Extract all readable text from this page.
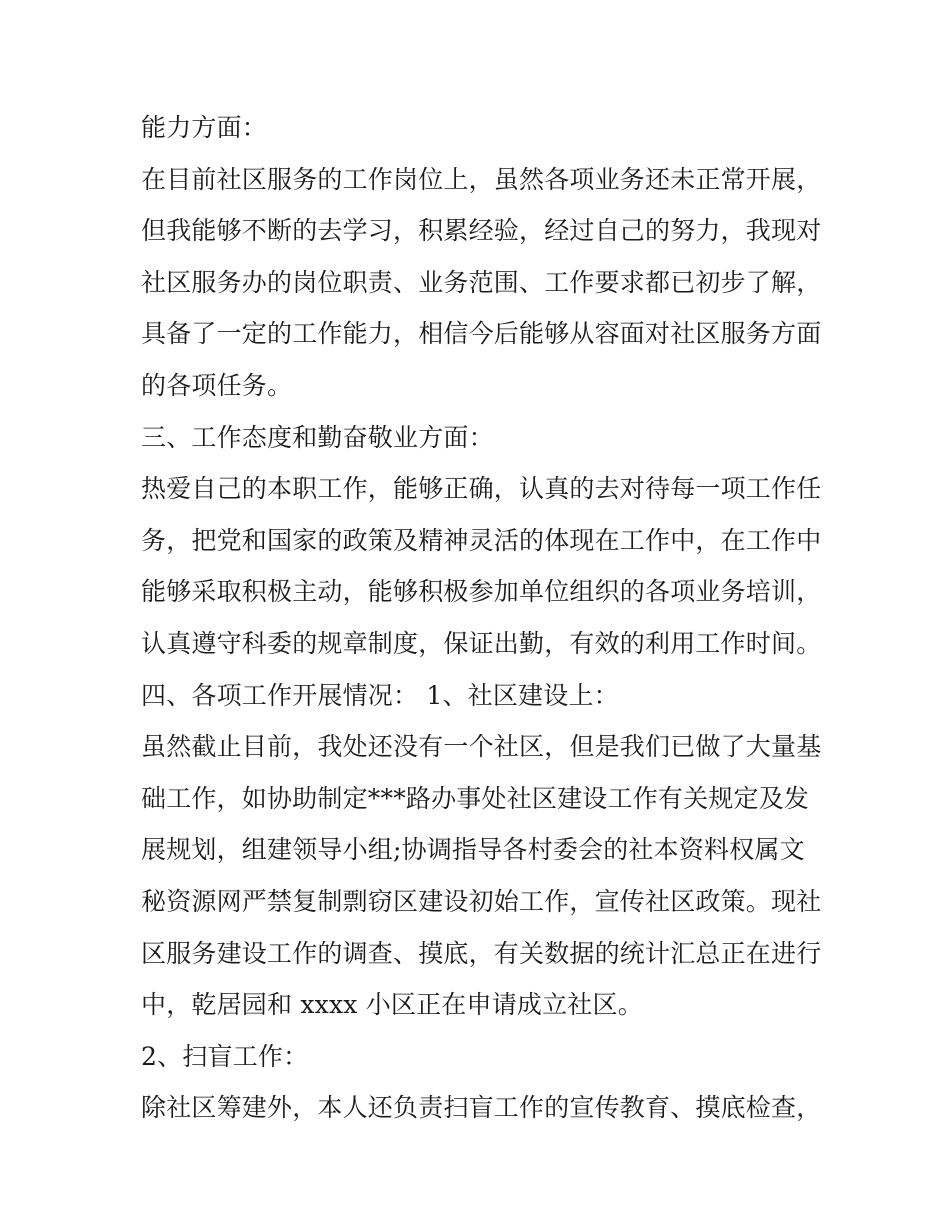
能力方面：
在目前社区服务的工作岗位上，虽然各项业务还未正常开展，
但我能够不断的去学习，积累经验，经过自己的努力，我现对
社区服务办的岗位职责、业务范围、工作要求都已初步了解，
具备了一定的工作能力，相信今后能够从容面对社区服务方面
的各项任务。
三、工作态度和勤奋敬业方面：
热爱自己的本职工作，能够正确，认真的去对待每一项工作任
务，把党和国家的政策及精神灵活的体现在工作中，在工作中
能够采取积极主动，能够积极参加单位组织的各项业务培训，
认真遵守科委的规章制度，保证出勤，有效的利用工作时间。
四、各项工作开展情况： 1、社区建设上：
虽然截止目前，我处还没有一个社区，但是我们已做了大量基
础工作，如协助制定***路办事处社区建设工作有关规定及发
展规划，组建领导小组;协调指导各村委会的社本资料权属文
秘资源网严禁复制剽窃区建设初始工作，宣传社区政策。现社
区服务建设工作的调查、摸底，有关数据的统计汇总正在进行
中，乾居园和 xxxx 小区正在申请成立社区。
2、扫盲工作：
除社区筹建外，本人还负责扫盲工作的宣传教育、摸底检查，
